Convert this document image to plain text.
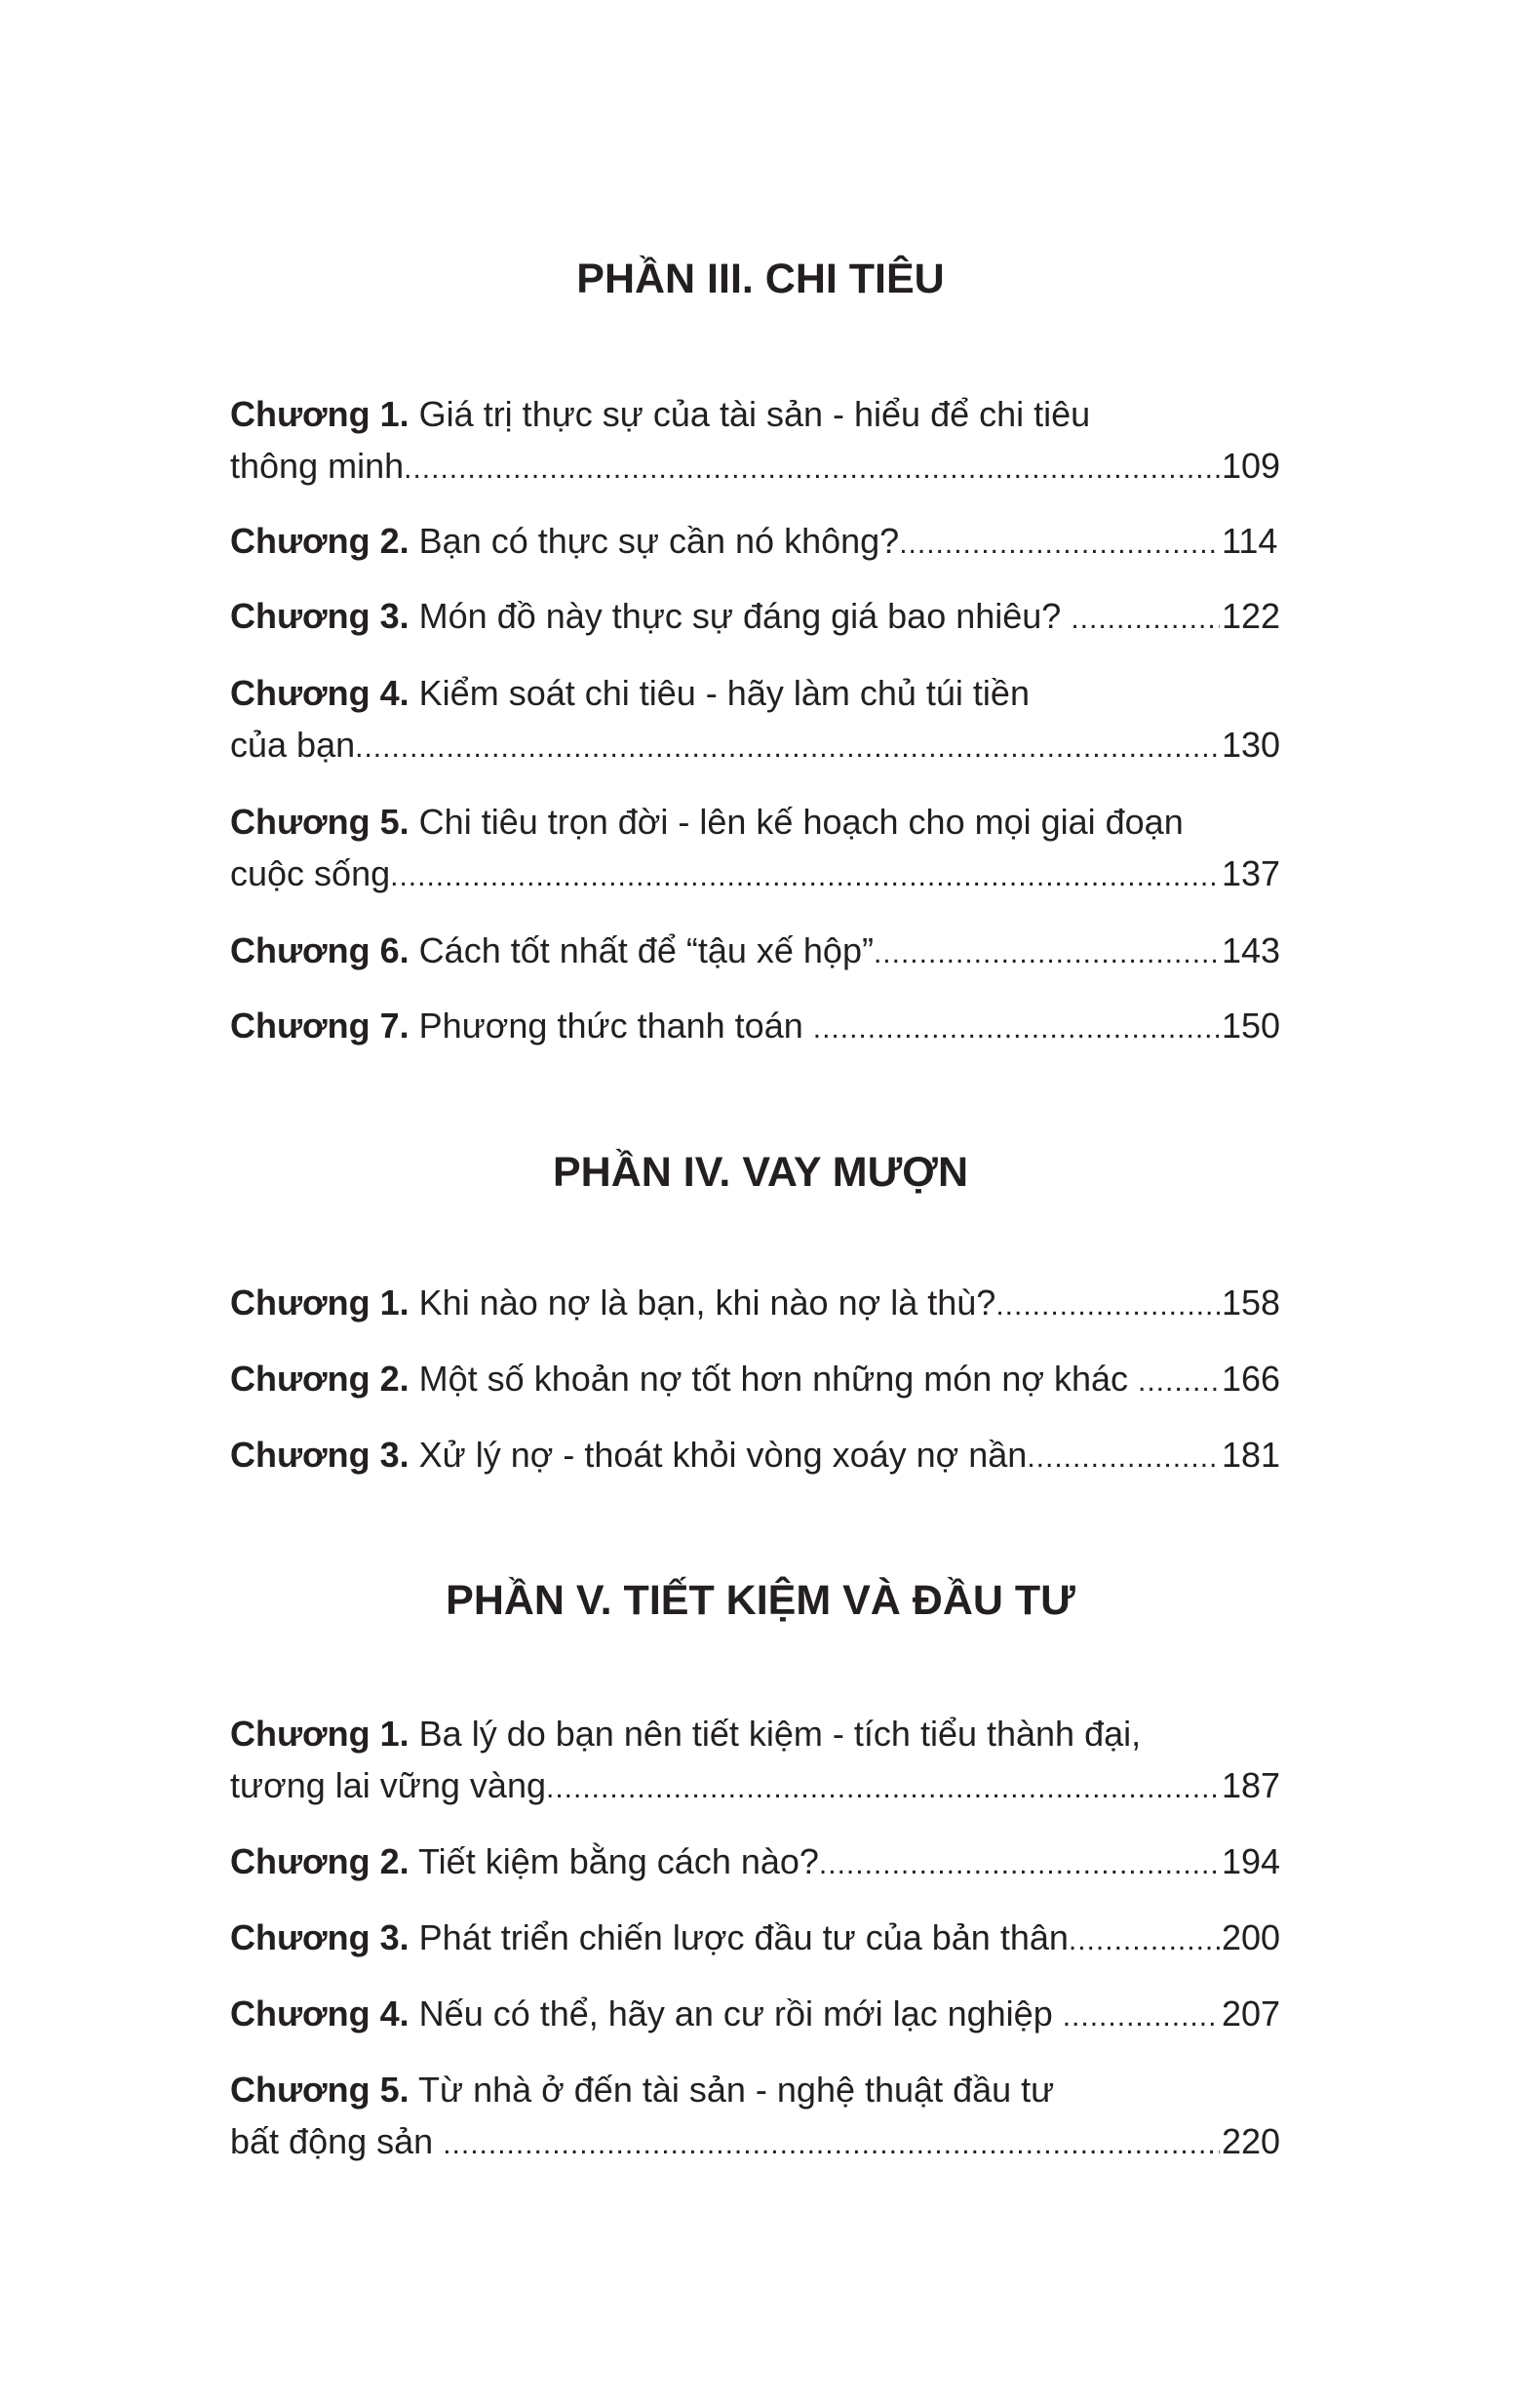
PHẦN III. CHI TIÊU
Chương 1. Giá trị thực sự của tài sản - hiểu để chi tiêu
thông minh .....	109
Chương 2. Bạn có thực sự cần nó không? .....	114
Chương 3. Món đồ này thực sự đáng giá bao nhiêu? .....	122
Chương 4. Kiểm soát chi tiêu - hãy làm chủ túi tiền
của bạn .....	130
Chương 5. Chi tiêu trọn đời - lên kế hoạch cho mọi giai đoạn
cuộc sống .....	137
Chương 6. Cách tốt nhất để “tậu xế hộp” .....	143
Chương 7. Phương thức thanh toán .....	150
PHẦN IV. VAY MƯỢN
Chương 1. Khi nào nợ là bạn, khi nào nợ là thù? .....	158
Chương 2. Một số khoản nợ tốt hơn những món nợ khác ..... 166
Chương 3. Xử lý nợ - thoát khỏi vòng xoáy nợ nần .....	181
PHẦN V. TIẾT KIỆM VÀ ĐẦU TƯ
Chương 1. Ba lý do bạn nên tiết kiệm - tích tiểu thành đại,
tương lai vững vàng .....	187
Chương 2. Tiết kiệm bằng cách nào? .....	194
Chương 3. Phát triển chiến lược đầu tư của bản thân .....	200
Chương 4. Nếu có thể, hãy an cư rồi mới lạc nghiệp .....	207
Chương 5. Từ nhà ở đến tài sản - nghệ thuật đầu tư
bất động sản .....	220
